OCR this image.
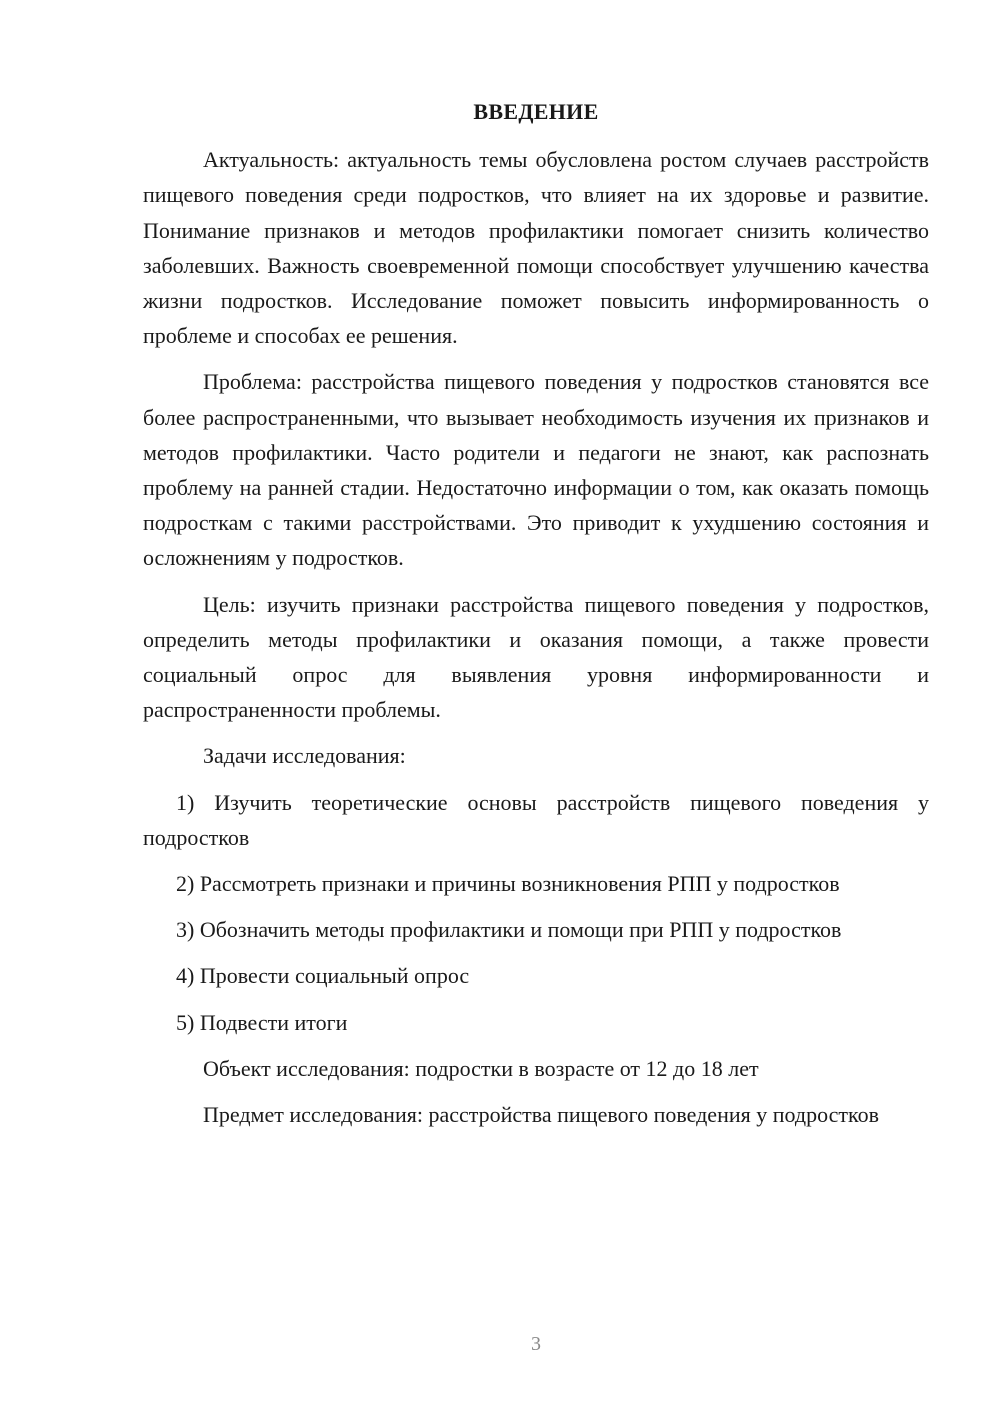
ВВЕДЕНИЕ

Актуальность: актуальность темы обусловлена ростом случаев расстройств пищевого поведения среди подростков, что влияет на их здоровье и развитие. Понимание признаков и методов профилактики помогает снизить количество заболевших. Важность своевременной помощи способствует улучшению качества жизни подростков. Исследование поможет повысить информированность о проблеме и способах ее решения.

Проблема: расстройства пищевого поведения у подростков становятся все более распространенными, что вызывает необходимость изучения их признаков и методов профилактики. Часто родители и педагоги не знают, как распознать проблему на ранней стадии. Недостаточно информации о том, как оказать помощь подросткам с такими расстройствами. Это приводит к ухудшению состояния и осложнениям у подростков.

Цель: изучить признаки расстройства пищевого поведения у подростков, определить методы профилактики и оказания помощи, а также провести социальный опрос для выявления уровня информированности и распространенности проблемы.

Задачи исследования:

1) Изучить теоретические основы расстройств пищевого поведения у подростков

2) Рассмотреть признаки и причины возникновения РПП у подростков

3) Обозначить методы профилактики и помощи при РПП у подростков

4) Провести социальный опрос

5) Подвести итоги

Объект исследования: подростки в возрасте от 12 до 18 лет

Предмет исследования: расстройства пищевого поведения у подростков

3
